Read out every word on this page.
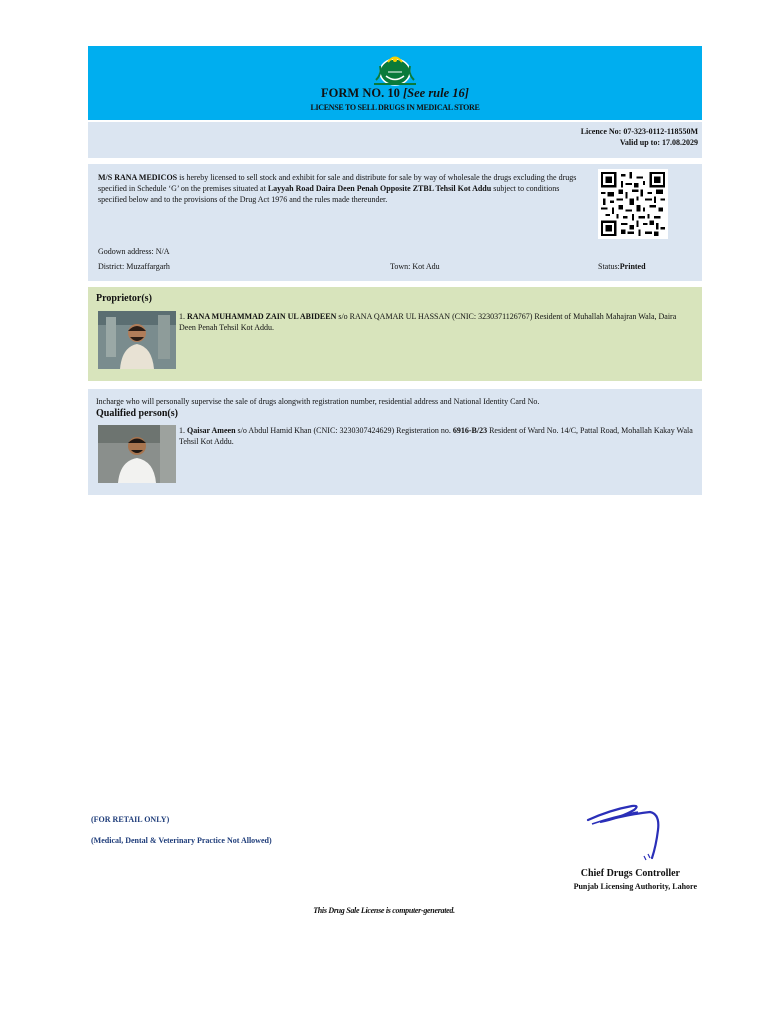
FORM NO. 10 [See rule 16]
LICENSE TO SELL DRUGS IN MEDICAL STORE
Licence No: 07-323-0112-118550M
Valid up to: 17.08.2029
M/S RANA MEDICOS is hereby licensed to sell stock and exhibit for sale and distribute for sale by way of wholesale the drugs excluding the drugs specified in Schedule ‘G’ on the premises situated at Layyah Road Daira Deen Penah Opposite ZTBL Tehsil Kot Addu subject to conditions specified below and to the provisions of the Drug Act 1976 and the rules made thereunder.
Godown address: N/A
District: Muzaffargarh	Town: Kot Adu	Status:Printed
Proprietor(s)
1. RANA MUHAMMAD ZAIN UL ABIDEEN s/o RANA QAMAR UL HASSAN (CNIC: 3230371126767) Resident of Muhallah Mahajran Wala, Daira Deen Penah Tehsil Kot Addu.
Incharge who will personally supervise the sale of drugs alongwith registration number, residential address and National Identity Card No.
Qualified person(s)
1. Qaisar Ameen s/o Abdul Hamid Khan (CNIC: 3230307424629) Registeration no. 6916-B/23 Resident of Ward No. 14/C, Pattal Road, Mohallah Kakay Wala Tehsil Kot Addu.
(FOR RETAIL ONLY)
(Medical, Dental & Veterinary Practice Not Allowed)
Chief Drugs Controller
Punjab Licensing Authority, Lahore
This Drug Sale License is computer-generated.
